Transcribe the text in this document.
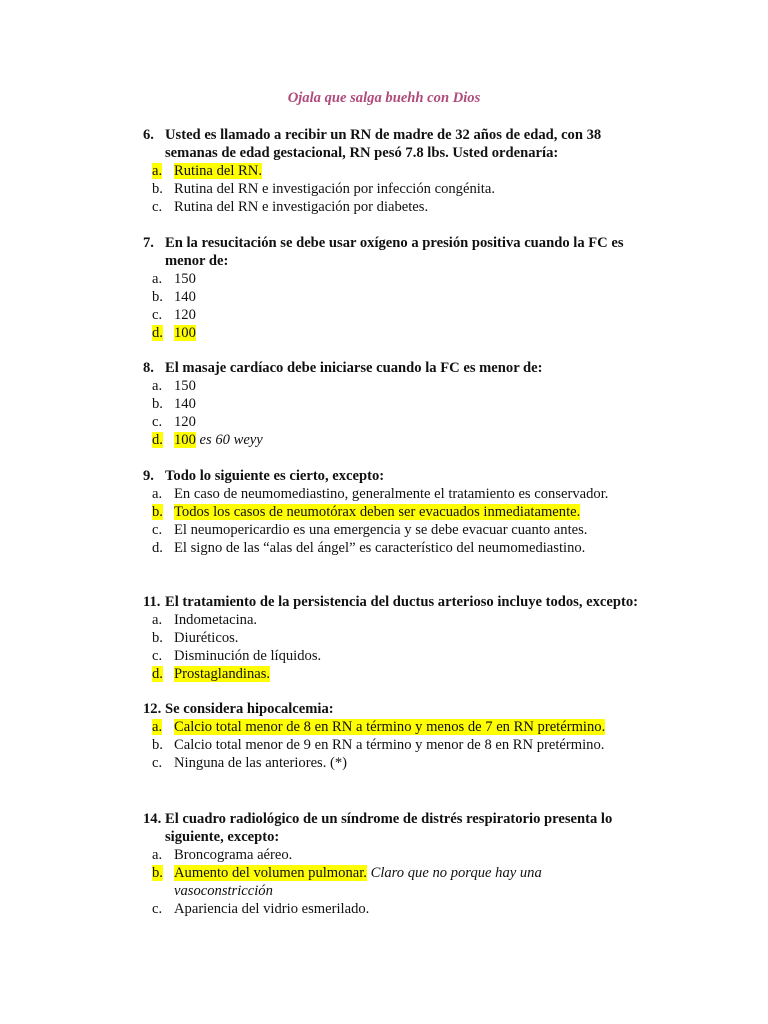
Ojala que salga buehh con Dios
6. Usted es llamado a recibir un RN de madre de 32 años de edad, con 38 semanas de edad gestacional, RN pesó 7.8 lbs. Usted ordenaría:
a. Rutina del RN.
b. Rutina del RN e investigación por infección congénita.
c. Rutina del RN e investigación por diabetes.
7. En la resucitación se debe usar oxígeno a presión positiva cuando la FC es menor de:
a. 150
b. 140
c. 120
d. 100
8. El masaje cardíaco debe iniciarse cuando la FC es menor de:
a. 150
b. 140
c. 120
d. 100 es 60 weyy
9. Todo lo siguiente es cierto, excepto:
a. En caso de neumomediastino, generalmente el tratamiento es conservador.
b. Todos los casos de neumotórax deben ser evacuados inmediatamente.
c. El neumopericardio es una emergencia y se debe evacuar cuanto antes.
d. El signo de las “alas del ángel” es característico del neumomediastino.
11. El tratamiento de la persistencia del ductus arterioso incluye todos, excepto:
a. Indometacina.
b. Diuréticos.
c. Disminución de líquidos.
d. Prostaglandinas.
12. Se considera hipocalcemia:
a. Calcio total menor de 8 en RN a término y menos de 7 en RN pretérmino.
b. Calcio total menor de 9 en RN a término y menor de 8 en RN pretérmino.
c. Ninguna de las anteriores. (*)
14. El cuadro radiológico de un síndrome de distrés respiratorio presenta lo siguiente, excepto:
a. Broncograma aéreo.
b. Aumento del volumen pulmonar. Claro que no porque hay una vasoconstricción
c. Apariencia del vidrio esmerilado.
